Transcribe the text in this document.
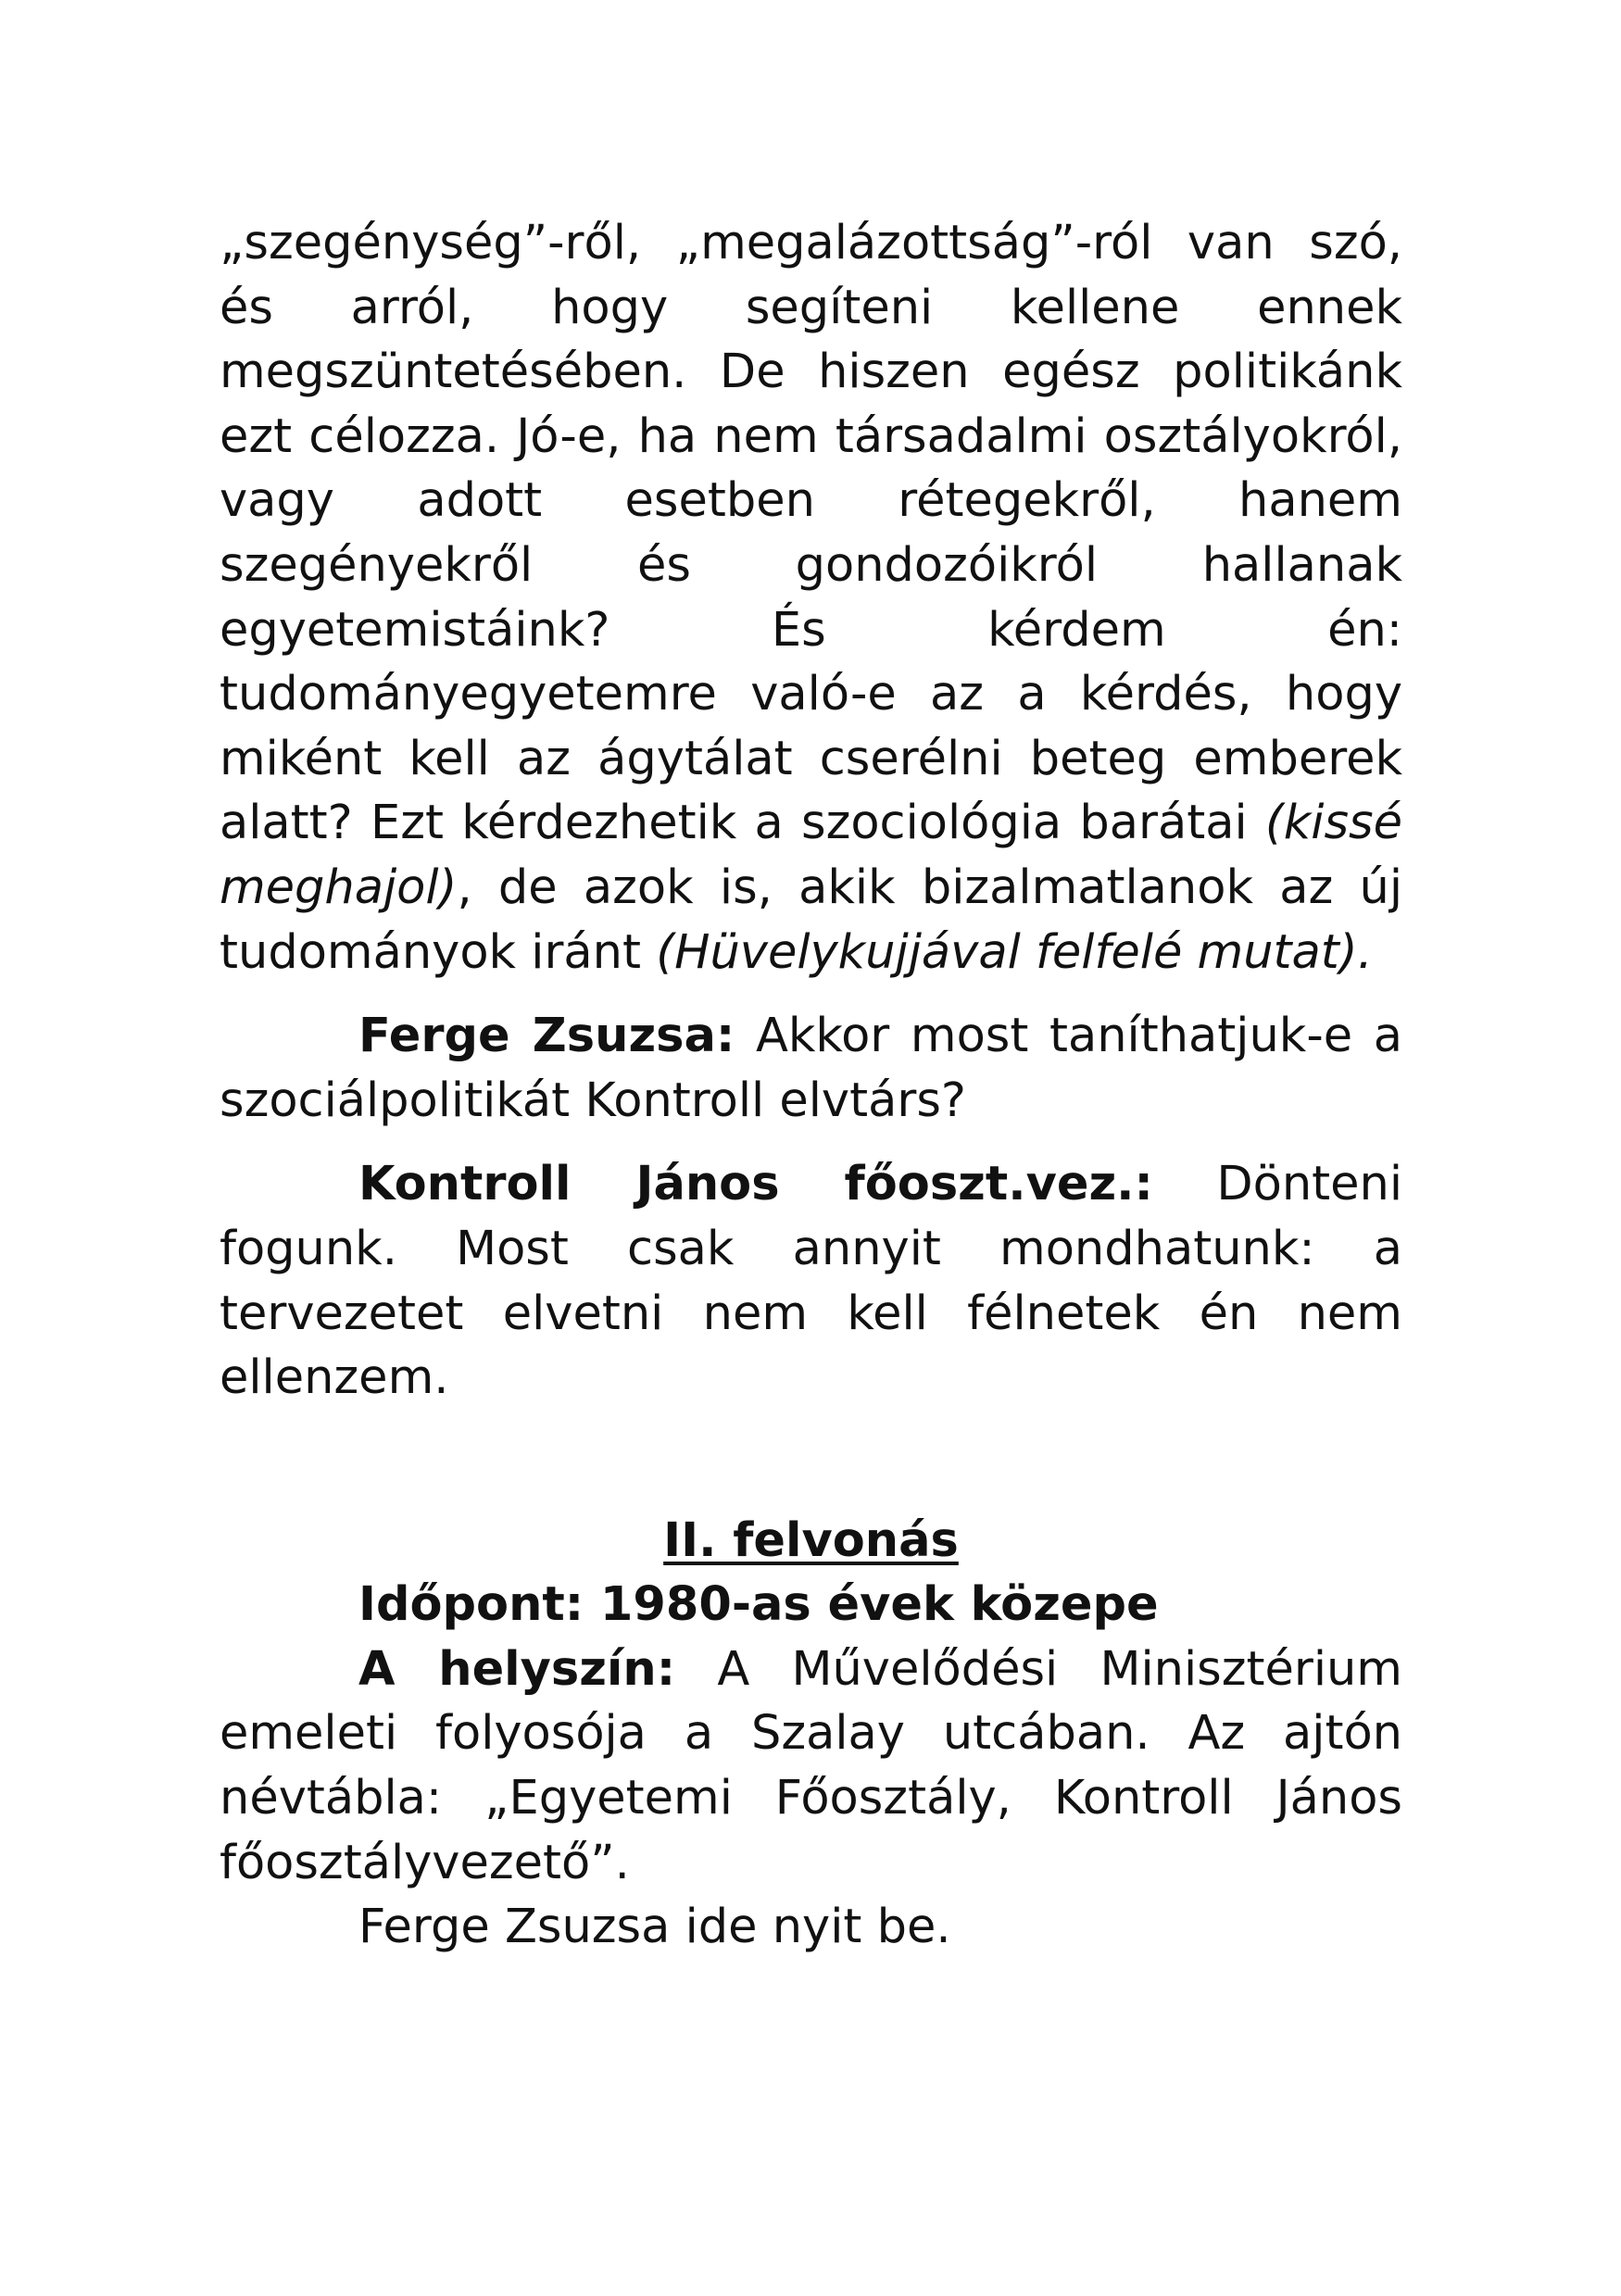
„szegénység”-ről, „megalázottság”-ról van szó, és arról, hogy segíteni kellene ennek megszüntetésében. De hiszen egész politikánk ezt célozza. Jó-e, ha nem társadalmi osztályokról, vagy adott esetben rétegekről, hanem szegényekről és gondozóikról hallanak egyetemistáink? És kérdem én: tudományegyetemre való-e az a kérdés, hogy miként kell az ágytálat cserélni beteg emberek alatt? Ezt kérdezhetik a szociológia barátai (kissé meghajol), de azok is, akik bizalmatlanok az új tudományok iránt (Hüvelykujjával felfelé mutat).

Ferge Zsuzsa: Akkor most taníthatjuk-e a szociálpolitikát Kontroll elvtárs?

Kontroll János főoszt.vez.: Dönteni fogunk. Most csak annyit mondhatunk: a tervezetet elvetni nem kell félnetek én nem ellenzem.

II. felvonás

Időpont: 1980-as évek közepe

A helyszín: A Művelődési Minisztérium emeleti folyosója a Szalay utcában. Az ajtón névtábla: „Egyetemi Főosztály, Kontroll János főosztályvezető”.

Ferge Zsuzsa ide nyit be.
